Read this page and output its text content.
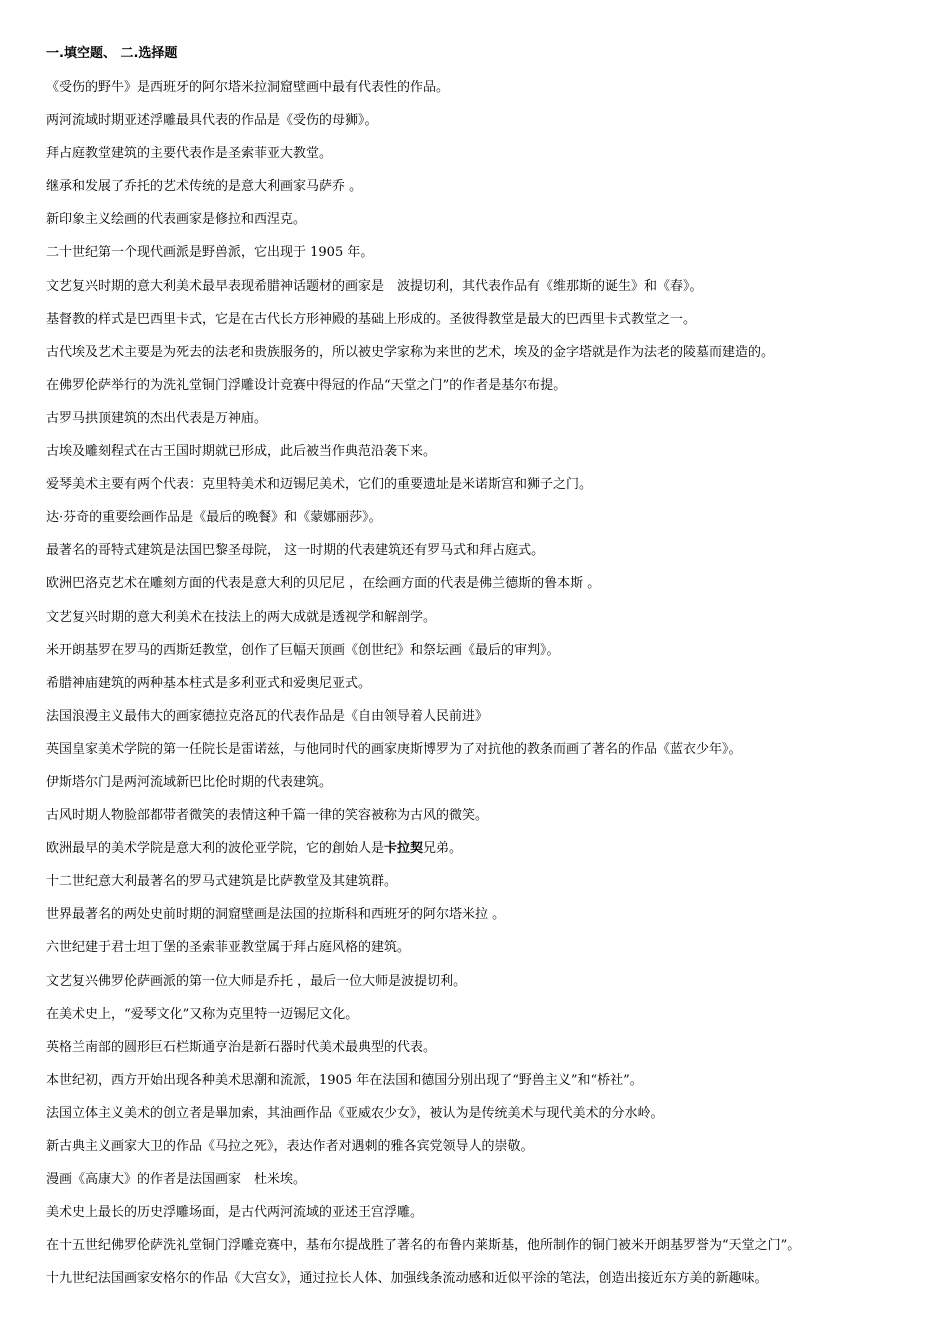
一.填空题、 二.选择题
《受伤的野牛》是西班牙的阿尔塔米拉洞窟壁画中最有代表性的作品。
两河流域时期亚述浮雕最具代表的作品是《受伤的母狮》。
拜占庭教堂建筑的主要代表作是圣索菲亚大教堂。
继承和发展了乔托的艺术传统的是意大利画家马萨乔 。
新印象主义绘画的代表画家是修拉和西涅克。
二十世纪第一个现代画派是野兽派，它出现于 1905 年。
文艺复兴时期的意大利美术最早表现希腊神话题材的画家是　波提切利，其代表作品有《维那斯的诞生》和《春》。
基督教的样式是巴西里卡式，它是在古代长方形神殿的基础上形成的。圣彼得教堂是最大的巴西里卡式教堂之一。
古代埃及艺术主要是为死去的法老和贵族服务的，所以被史学家称为来世的艺术，埃及的金字塔就是作为法老的陵墓而建造的。
在佛罗伦萨举行的为洗礼堂铜门浮雕设计竞赛中得冠的作品“天堂之门”的作者是基尔布提。
古罗马拱顶建筑的杰出代表是万神庙。
古埃及雕刻程式在古王国时期就已形成，此后被当作典范沿袭下来。
爱琴美术主要有两个代表：克里特美术和迈锡尼美术，它们的重要遗址是米诺斯宫和狮子之门。
达·芬奇的重要绘画作品是《最后的晚餐》和《蒙娜丽莎》。
最著名的哥特式建筑是法国巴黎圣母院， 这一时期的代表建筑还有罗马式和拜占庭式。
欧洲巴洛克艺术在雕刻方面的代表是意大利的贝尼尼 ，在绘画方面的代表是佛兰德斯的鲁本斯 。
文艺复兴时期的意大利美术在技法上的两大成就是透视学和解剖学。
米开朗基罗在罗马的西斯廷教堂，创作了巨幅天顶画《创世纪》和祭坛画《最后的审判》。
希腊神庙建筑的两种基本柱式是多利亚式和爱奥尼亚式。
法国浪漫主义最伟大的画家德拉克洛瓦的代表作品是《自由领导着人民前进》
英国皇家美术学院的第一任院长是雷诺兹，与他同时代的画家庚斯博罗为了对抗他的教条而画了著名的作品《蓝衣少年》。
伊斯塔尔门是两河流域新巴比伦时期的代表建筑。
古风时期人物脸部都带者微笑的表情这种千篇一律的笑容被称为古风的微笑。
欧洲最早的美术学院是意大利的波伦亚学院，它的創始人是卡拉契兄弟。
十二世纪意大利最著名的罗马式建筑是比萨教堂及其建筑群。
世界最著名的两处史前时期的洞窟壁画是法国的拉斯科和西班牙的阿尔塔米拉 。
六世纪建于君士坦丁堡的圣索菲亚教堂属于拜占庭风格的建筑。
文艺复兴佛罗伦萨画派的第一位大师是乔托 ，最后一位大师是波提切利。
在美术史上，“爱琴文化”又称为克里特一迈锡尼文化。
英格兰南部的圆形巨石栏斯通亨治是新石器时代美术最典型的代表。
本世纪初，西方开始出现各种美术思潮和流派，1905 年在法国和德国分别出现了“野兽主义”和“桥社”。
法国立体主义美术的创立者是畢加索，其油画作品《亚威农少女》，被认为是传统美术与现代美术的分水岭。
新古典主义画家大卫的作品《马拉之死》，表达作者对遇刺的雅各宾党领导人的崇敬。
漫画《高康大》的作者是法国画家　杜米埃。
美术史上最长的历史浮雕场面，是古代两河流域的亚述王宫浮雕。
在十五世纪佛罗伦萨洗礼堂铜门浮雕竞赛中，基布尔提战胜了著名的布鲁内莱斯基，他所制作的铜门被米开朗基罗誉为“天堂之门”。
十九世纪法国画家安格尔的作品《大宫女》，通过拉长人体、加强线条流动感和近似平涂的笔法，创造出接近东方美的新趣味。
